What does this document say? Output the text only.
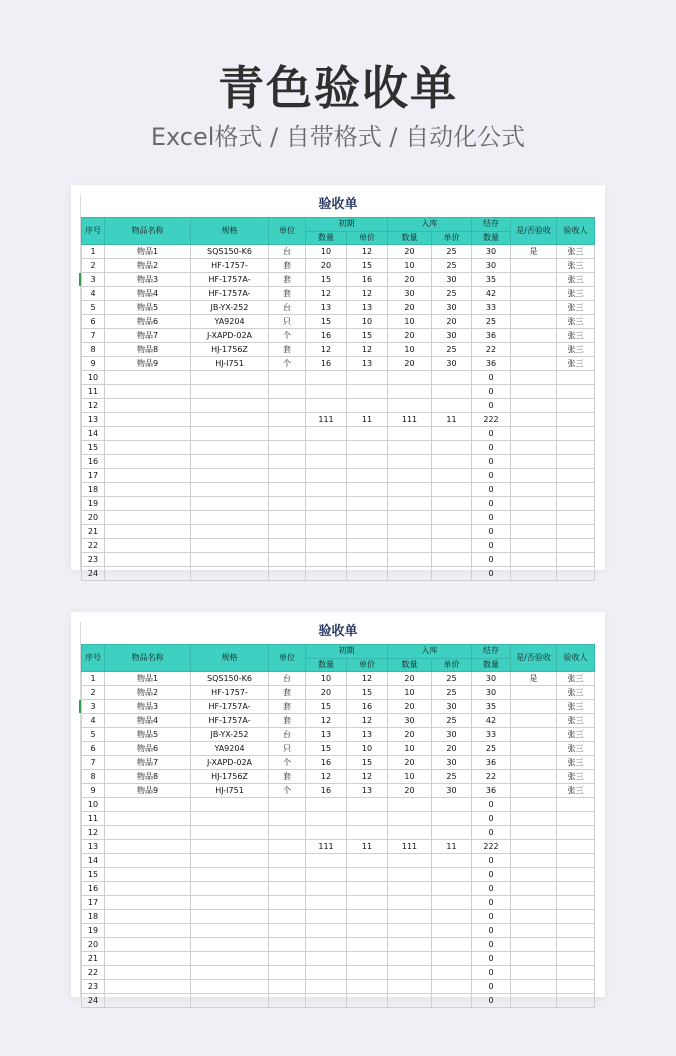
青色验收单
Excel格式 / 自带格式 / 自动化公式
验收单										
序号	物品名称	规格	单位	初期		入库		结存	是/否验收	验收人
				数量	单价	数量	单价	数量		
1	物品1	SQS150-K6	台	10	12	20	25	30	是	张三
2	物品2	HF-1757-	套	20	15	10	25	30		张三
3	物品3	HF-1757A-	套	15	16	20	30	35		张三
4	物品4	HF-1757A-	套	12	12	30	25	42		张三
5	物品5	JB-YX-252	台	13	13	20	30	33		张三
6	物品6	YA9204	只	15	10	10	20	25		张三
7	物品7	J-XAPD-02A	个	16	15	20	30	36		张三
8	物品8	HJ-1756Z	套	12	12	10	25	22		张三
9	物品9	HJ-I751	个	16	13	20	30	36		张三
10								0		
11								0		
12								0		
13				111	11	111	11	222		
14								0		
15								0		
16								0		
17								0		
18								0		
19								0		
20								0		
21								0		
22								0		
23								0		
24								0		
验收单										
序号	物品名称	规格	单位	初期		入库		结存	是/否验收	验收人
				数量	单价	数量	单价	数量		
1	物品1	SQS150-K6	台	10	12	20	25	30	是	张三
2	物品2	HF-1757-	套	20	15	10	25	30		张三
3	物品3	HF-1757A-	套	15	16	20	30	35		张三
4	物品4	HF-1757A-	套	12	12	30	25	42		张三
5	物品5	JB-YX-252	台	13	13	20	30	33		张三
6	物品6	YA9204	只	15	10	10	20	25		张三
7	物品7	J-XAPD-02A	个	16	15	20	30	36		张三
8	物品8	HJ-1756Z	套	12	12	10	25	22		张三
9	物品9	HJ-I751	个	16	13	20	30	36		张三
10								0		
11								0		
12								0		
13				111	11	111	11	222		
14								0		
15								0		
16								0		
17								0		
18								0		
19								0		
20								0		
21								0		
22								0		
23								0		
24								0		
